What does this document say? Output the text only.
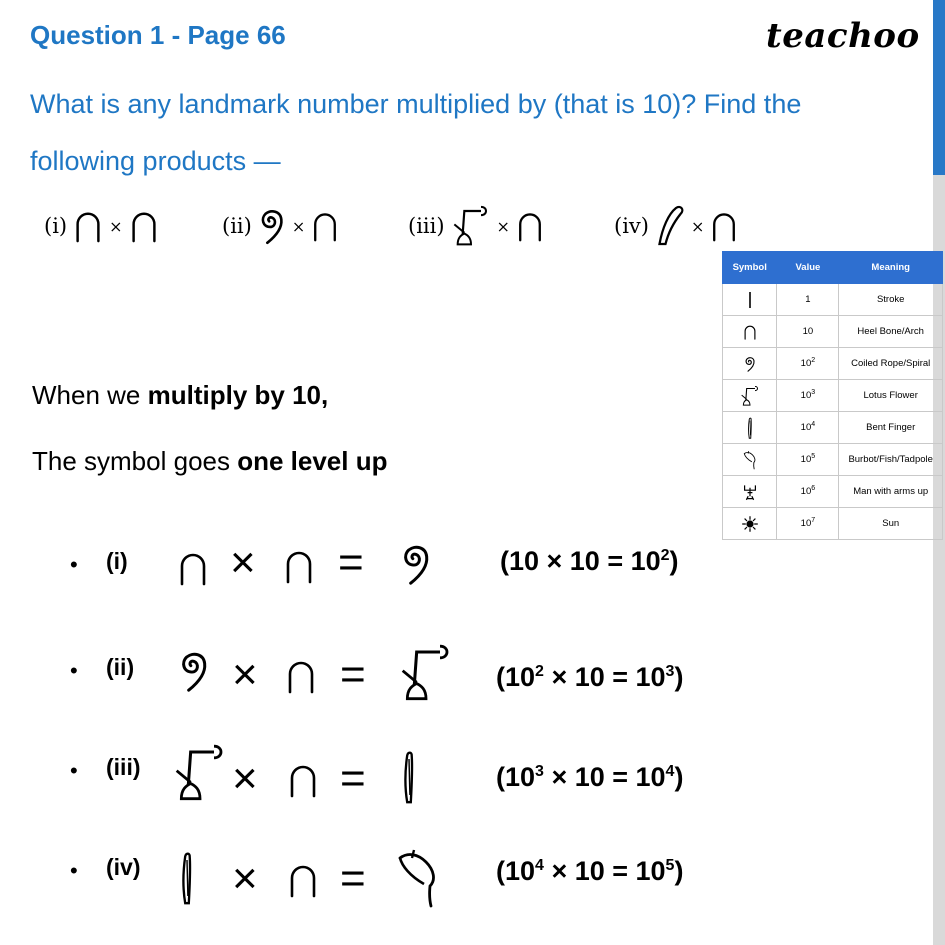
Question 1 - Page 66	teachoo
What is any landmark number multiplied by (that is 10)? Find the following products —
(i)	×	(ii)	×	(iii)	×	(iv)	×
Symbol	Value	Meaning

	1	Stroke

	10	Heel Bone/Arch

	$10^2$	Coiled Rope/Spiral

	$10^3$	Lotus Flower

	$10^4$	Bent Finger

	$10^5$	Burbot/Fish/Tadpole

	$10^6$	Man with arms up

	$10^7$	Sun
When we multiply by 10,
The symbol goes one level up
• (i) × =	$(10 \times 10 = 10^2)$
• (ii) × =	$(10^2 \times 10 = 10^3)$
• (iii) × =	$(10^3 \times 10 = 10^4)$
• (iv) × =	$(10^4 \times 10 = 10^5)$
